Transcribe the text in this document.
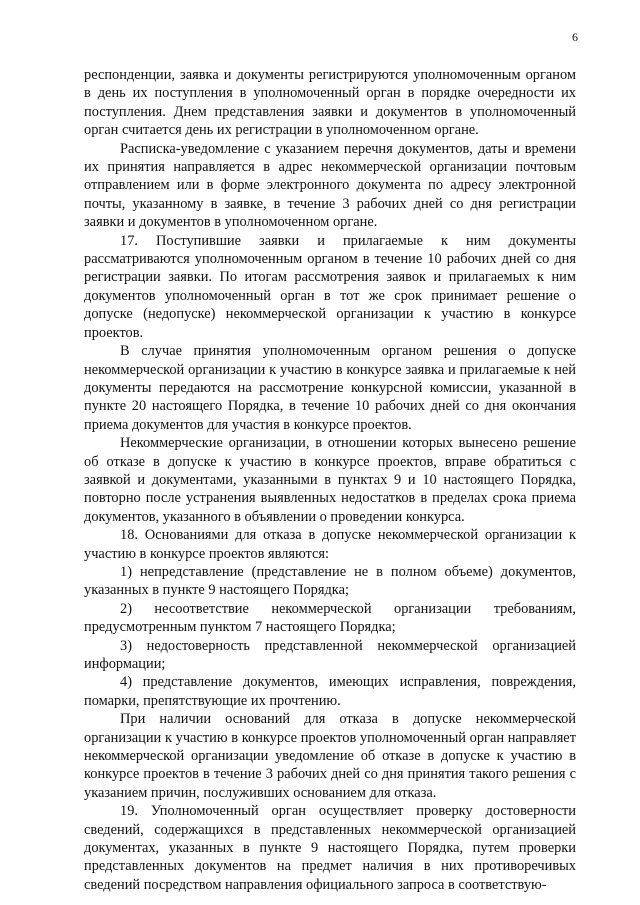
6

респонденции, заявка и документы регистрируются уполномоченным органом в день их поступления в уполномоченный орган в порядке очередности их поступления. Днем представления заявки и документов в уполномоченный орган считается день их регистрации в уполномоченном органе.

Расписка-уведомление с указанием перечня документов, даты и времени их принятия направляется в адрес некоммерческой организации почтовым отправлением или в форме электронного документа по адресу электронной почты, указанному в заявке, в течение 3 рабочих дней со дня регистрации заявки и документов в уполномоченном органе.

17. Поступившие заявки и прилагаемые к ним документы рассматриваются уполномоченным органом в течение 10 рабочих дней со дня регистрации заявки. По итогам рассмотрения заявок и прилагаемых к ним документов уполномоченный орган в тот же срок принимает решение о допуске (недопуске) некоммерческой организации к участию в конкурсе проектов.

В случае принятия уполномоченным органом решения о допуске некоммерческой организации к участию в конкурсе заявка и прилагаемые к ней документы передаются на рассмотрение конкурсной комиссии, указанной в пункте 20 настоящего Порядка, в течение 10 рабочих дней со дня окончания приема документов для участия в конкурсе проектов.

Некоммерческие организации, в отношении которых вынесено решение об отказе в допуске к участию в конкурсе проектов, вправе обратиться с заявкой и документами, указанными в пунктах 9 и 10 настоящего Порядка, повторно после устранения выявленных недостатков в пределах срока приема документов, указанного в объявлении о проведении конкурса.

18. Основаниями для отказа в допуске некоммерческой организации к участию в конкурсе проектов являются:

1) непредставление (представление не в полном объеме) документов, указанных в пункте 9 настоящего Порядка;

2) несоответствие некоммерческой организации требованиям, предусмотренным пунктом 7 настоящего Порядка;

3) недостоверность представленной некоммерческой организацией информации;

4) представление документов, имеющих исправления, повреждения, помарки, препятствующие их прочтению.

При наличии оснований для отказа в допуске некоммерческой организации к участию в конкурсе проектов уполномоченный орган направляет некоммерческой организации уведомление об отказе в допуске к участию в конкурсе проектов в течение 3 рабочих дней со дня принятия такого решения с указанием причин, послуживших основанием для отказа.

19. Уполномоченный орган осуществляет проверку достоверности сведений, содержащихся в представленных некоммерческой организацией документах, указанных в пункте 9 настоящего Порядка, путем проверки представленных документов на предмет наличия в них противоречивых сведений посредством направления официального запроса в соответствую-
